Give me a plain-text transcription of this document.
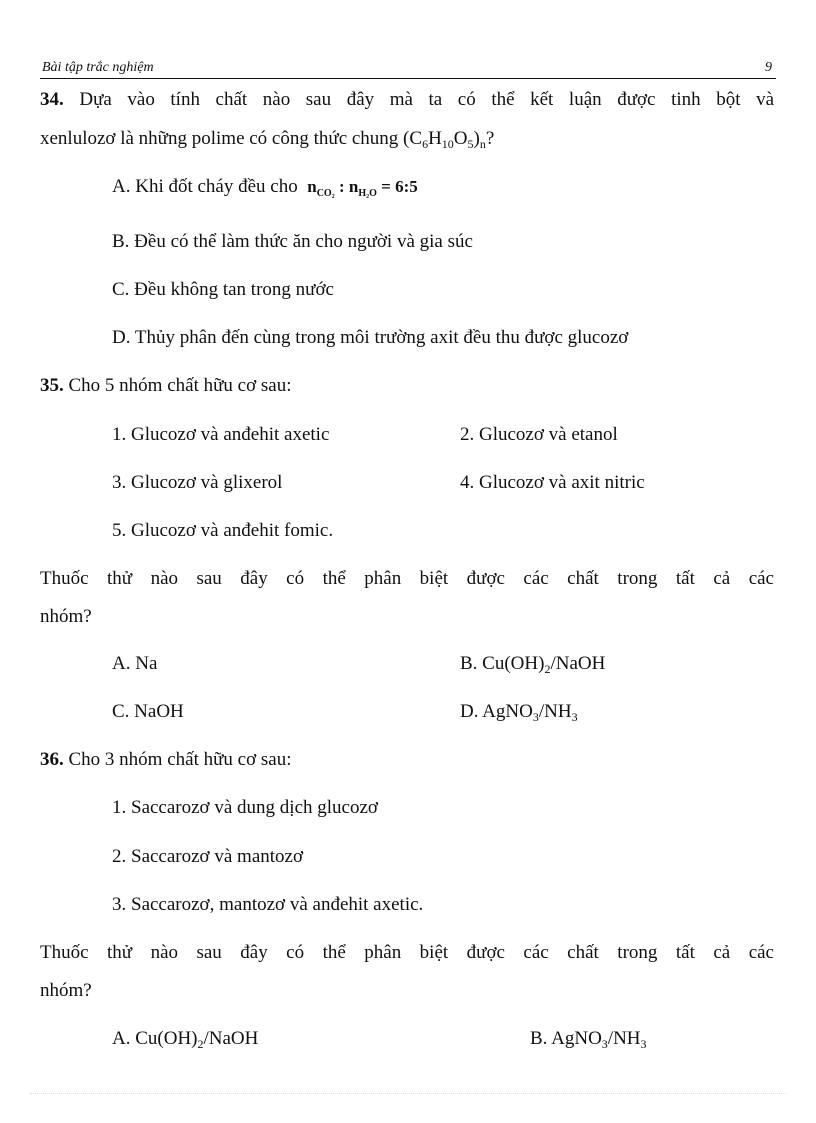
Bài tập trắc nghiệm	9
34. Dựa vào tính chất nào sau đây mà ta có thể kết luận được tinh bột và
xenlulozơ là những polime có công thức chung $(C_6H_{10}O_5)_n$?
A. Khi đốt cháy đều cho $n_{CO_2}$ : $n_{H_2O}$ = 6:5
B. Đều có thể làm thức ăn cho người và gia súc
C. Đều không tan trong nước
D. Thủy phân đến cùng trong môi trường axit đều thu được glucozơ
35. Cho 5 nhóm chất hữu cơ sau:
1. Glucozơ và anđehit axetic	2. Glucozơ và etanol
3. Glucozơ và glixerol	4. Glucozơ và axit nitric
5. Glucozơ và anđehit fomic.
Thuốc thử nào sau đây có thể phân biệt được các chất trong tất cả các
nhóm?
A. Na	B. $Cu(OH)_2$/NaOH
C. NaOH	D. $AgNO_3/NH_3$
36. Cho 3 nhóm chất hữu cơ sau:
1. Saccarozơ và dung dịch glucozơ
2. Saccarozơ và mantozơ
3. Saccarozơ, mantozơ và anđehit axetic.
Thuốc thử nào sau đây có thể phân biệt được các chất trong tất cả các
nhóm?
A. $Cu(OH)_2$/NaOH	B. $AgNO_3/NH_3$
